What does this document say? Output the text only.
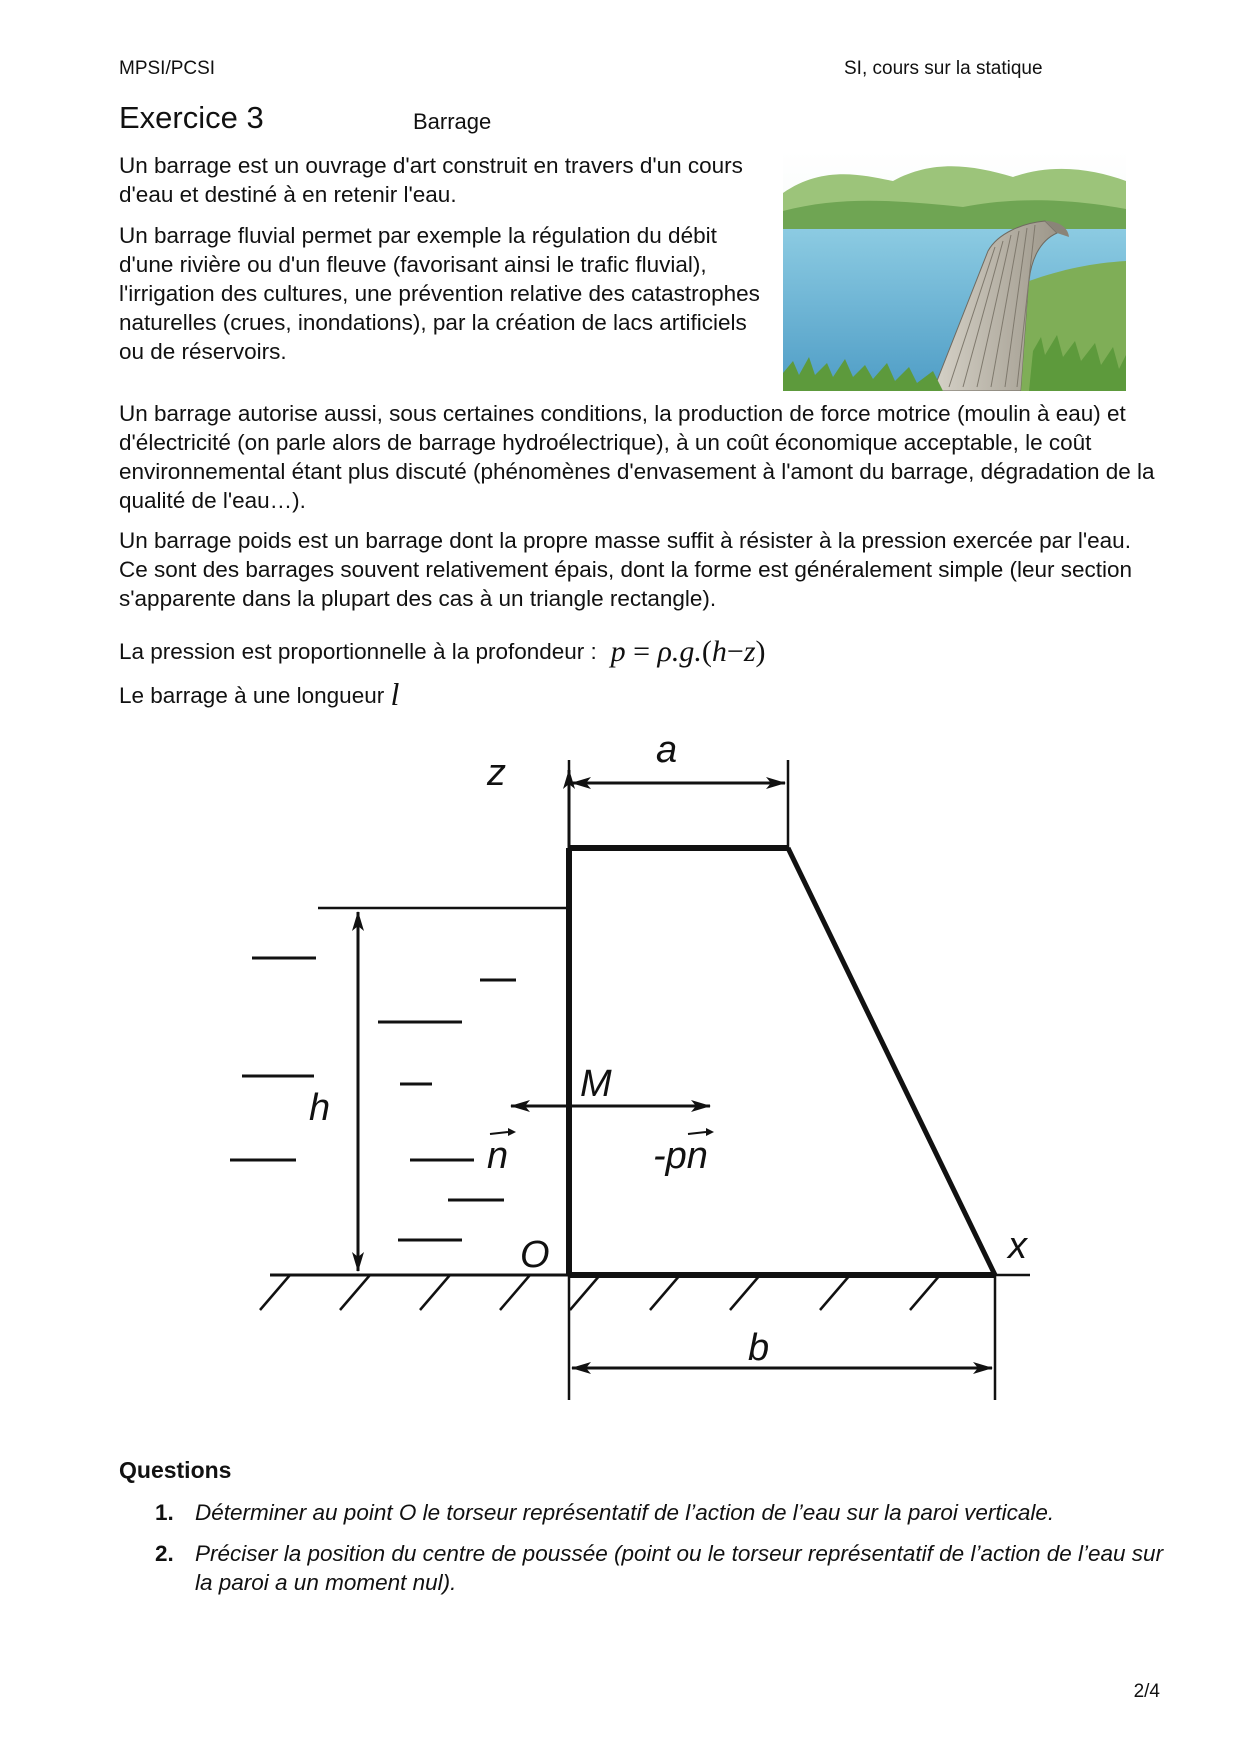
MPSI/PCSI	SI, cours sur la statique
Exercice 3	Barrage

Un barrage est un ouvrage d'art construit en travers d'un cours d'eau et destiné à en retenir l'eau.

Un barrage fluvial permet par exemple la régulation du débit d'une rivière ou d'un fleuve (favorisant ainsi le trafic fluvial), l'irrigation des cultures, une prévention relative des catastrophes naturelles (crues, inondations), par la création de lacs artificiels ou de réservoirs.

Un barrage autorise aussi, sous certaines conditions, la production de force motrice (moulin à eau) et d'électricité (on parle alors de barrage hydroélectrique), à un coût économique acceptable, le coût environnemental étant plus discuté (phénomènes d'envasement à l'amont du barrage, dégradation de la qualité de l'eau…).

Un barrage poids est un barrage dont la propre masse suffit à résister à la pression exercée par l'eau. Ce sont des barrages souvent relativement épais, dont la forme est généralement simple (leur section s'apparente dans la plupart des cas à un triangle rectangle).

La pression est proportionnelle à la profondeur : p = ρ.g.(h−z)
Le barrage à une longueur l
z
a
h
M
n	-pn
O	x
b
Questions
1. Déterminer au point O le torseur représentatif de l’action de l’eau sur la paroi verticale.
2. Préciser la position du centre de poussée (point ou le torseur représentatif de l’action de l’eau sur la paroi a un moment nul).
2/4
